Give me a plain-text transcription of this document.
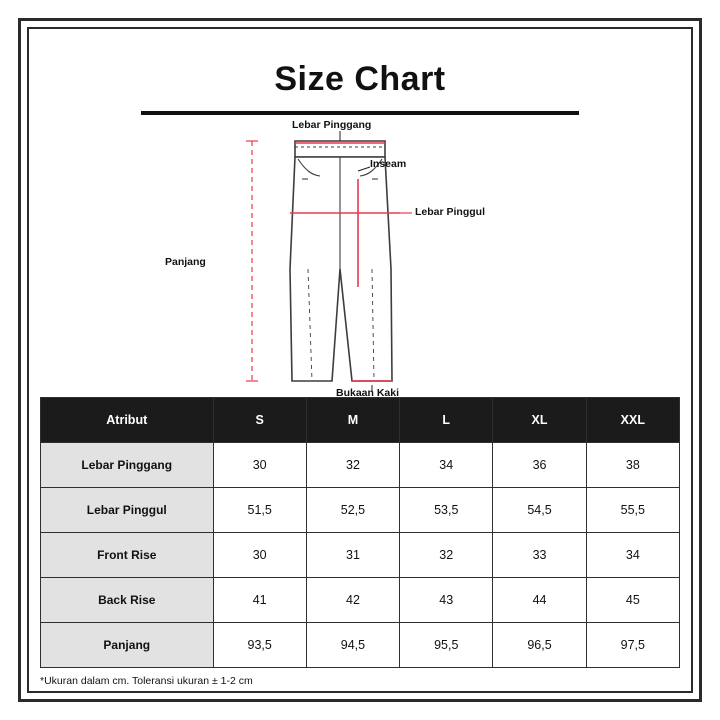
Size Chart
Lebar Pinggang
Inseam
Lebar Pinggul
Panjang
Bukaan Kaki
Atribut	S	M	L	XL	XXL
Lebar Pinggang	30	32	34	36	38
Lebar Pinggul	51,5	52,5	53,5	54,5	55,5
Front Rise	30	31	32	33	34
Back Rise	41	42	43	44	45
Panjang	93,5	94,5	95,5	96,5	97,5
*Ukuran dalam cm. Toleransi ukuran ± 1-2 cm
